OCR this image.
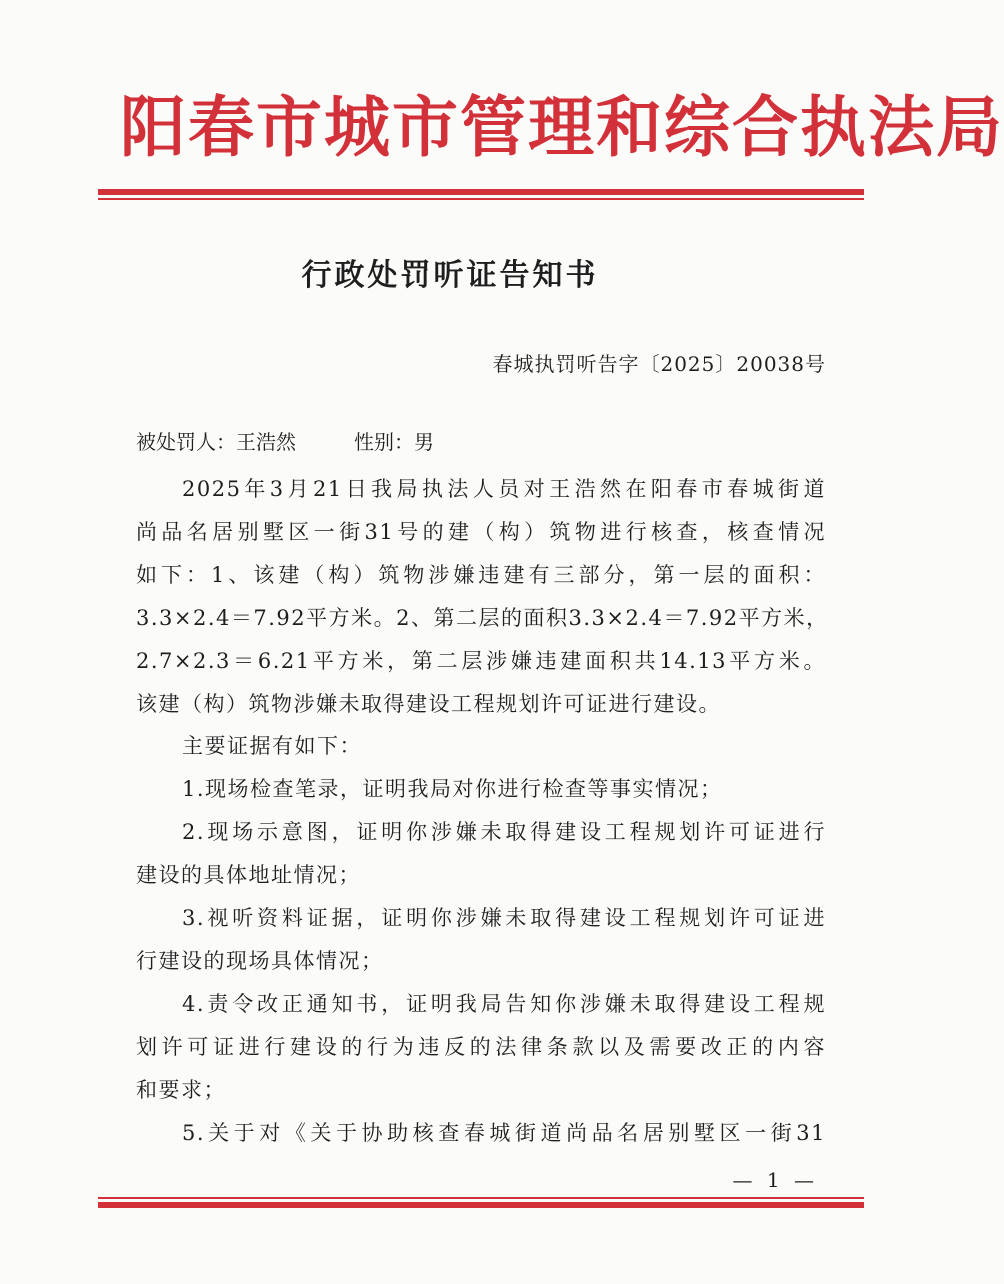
阳春市城市管理和综合执法局
行政处罚听证告知书
春城执罚听告字〔2025〕20038号
被处罚人：王浩然	性别：男
2025年3月21日我局执法人员对王浩然在阳春市春城街道
尚品名居别墅区一街31号的建（构）筑物进行核查，核查情况
如下：1、该建（构）筑物涉嫌违建有三部分，第一层的面积：
3.3×2.4＝7.92平方米。2、第二层的面积3.3×2.4＝7.92平方米，
2.7×2.3＝6.21平方米，第二层涉嫌违建面积共14.13平方米。
该建（构）筑物涉嫌未取得建设工程规划许可证进行建设。
主要证据有如下：
1.现场检查笔录，证明我局对你进行检查等事实情况；
2.现场示意图，证明你涉嫌未取得建设工程规划许可证进行
建设的具体地址情况；
3.视听资料证据，证明你涉嫌未取得建设工程规划许可证进
行建设的现场具体情况；
4.责令改正通知书，证明我局告知你涉嫌未取得建设工程规
划许可证进行建设的行为违反的法律条款以及需要改正的内容
和要求；
5.关于对《关于协助核查春城街道尚品名居别墅区一街31
— 1 —
